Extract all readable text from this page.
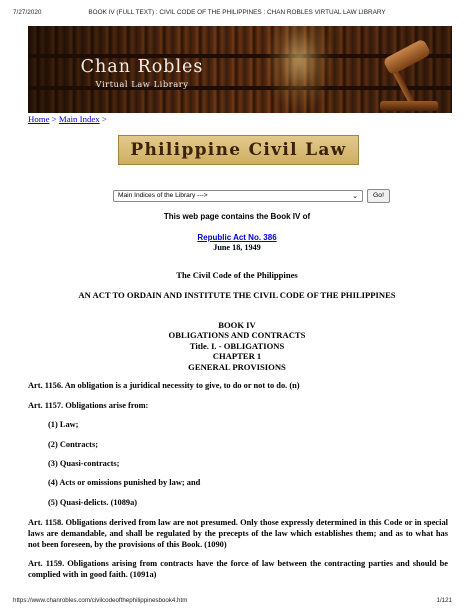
7/27/2020	BOOK IV (FULL TEXT) : CIVIL CODE OF THE PHILIPPINES : CHAN ROBLES VIRTUAL LAW LIBRARY
Chan Robles
Virtual Law Library
Home > Main Index >
Philippine Civil Law
Main Indices of the Library --->	⌄	Go!
This web page contains the Book IV of
Republic Act No. 386
June 18, 1949
The Civil Code of the Philippines
AN ACT TO ORDAIN AND INSTITUTE THE CIVIL CODE OF THE PHILIPPINES
BOOK IV
OBLIGATIONS AND CONTRACTS
Title. I. - OBLIGATIONS
CHAPTER 1
GENERAL PROVISIONS
Art. 1156. An obligation is a juridical necessity to give, to do or not to do. (n)
Art. 1157. Obligations arise from:
(1) Law;
(2) Contracts;
(3) Quasi-contracts;
(4) Acts or omissions punished by law; and
(5) Quasi-delicts. (1089a)
Art. 1158. Obligations derived from law are not presumed. Only those expressly determined in this Code or in special laws are demandable, and shall be regulated by the precepts of the law which establishes them; and as to what has not been foreseen, by the provisions of this Book. (1090)
Art. 1159. Obligations arising from contracts have the force of law between the contracting parties and should be complied with in good faith. (1091a)
https://www.chanrobles.com/civilcodeofthephilippinesbook4.htm	1/121
